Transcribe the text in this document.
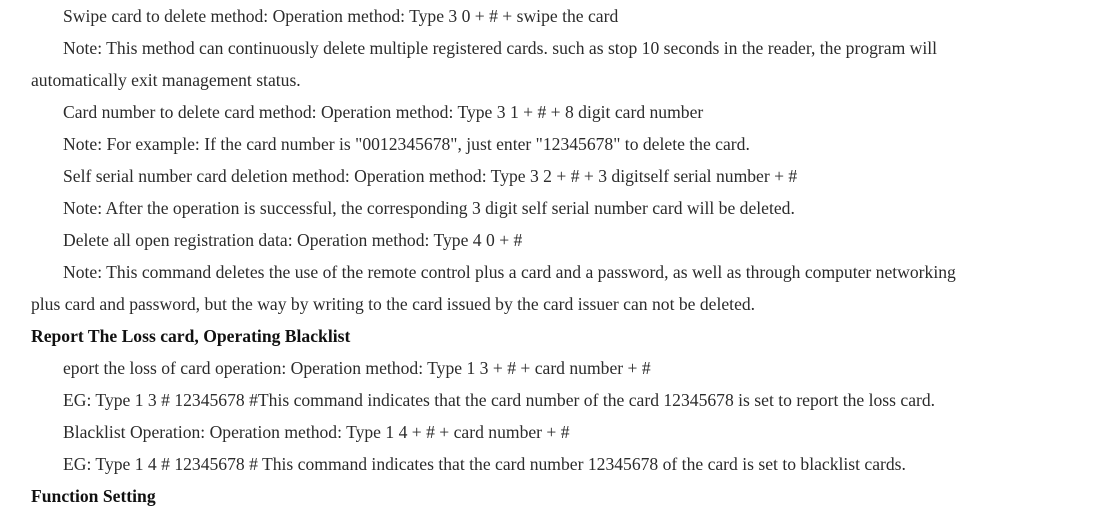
Swipe card to delete method: Operation method: Type 3 0 + # + swipe the card
Note: This method can continuously delete multiple registered cards. such as stop 10 seconds in the reader, the program will
automatically exit management status.
Card number to delete card method: Operation method: Type 3 1 + # + 8 digit card number
Note: For example: If the card number is "0012345678", just enter "12345678" to delete the card.
Self serial number card deletion method: Operation method: Type 3 2 + # + 3 digitself serial number + #
Note: After the operation is successful, the corresponding 3 digit self serial number card will be deleted.
Delete all open registration data: Operation method: Type 4 0 + #
Note: This command deletes the use of the remote control plus a card and a password, as well as through computer networking
plus card and password, but the way by writing to the card issued by the card issuer can not be deleted.
Report The Loss card, Operating Blacklist
eport the loss of card operation: Operation method: Type 1 3 + # + card number + #
EG: Type 1 3 # 12345678 #This command indicates that the card number of the card 12345678 is set to report the loss card.
Blacklist Operation: Operation method: Type 1 4 + # + card number + #
EG: Type 1 4 # 12345678 # This command indicates that the card number 12345678 of the card is set to blacklist cards.
Function Setting
